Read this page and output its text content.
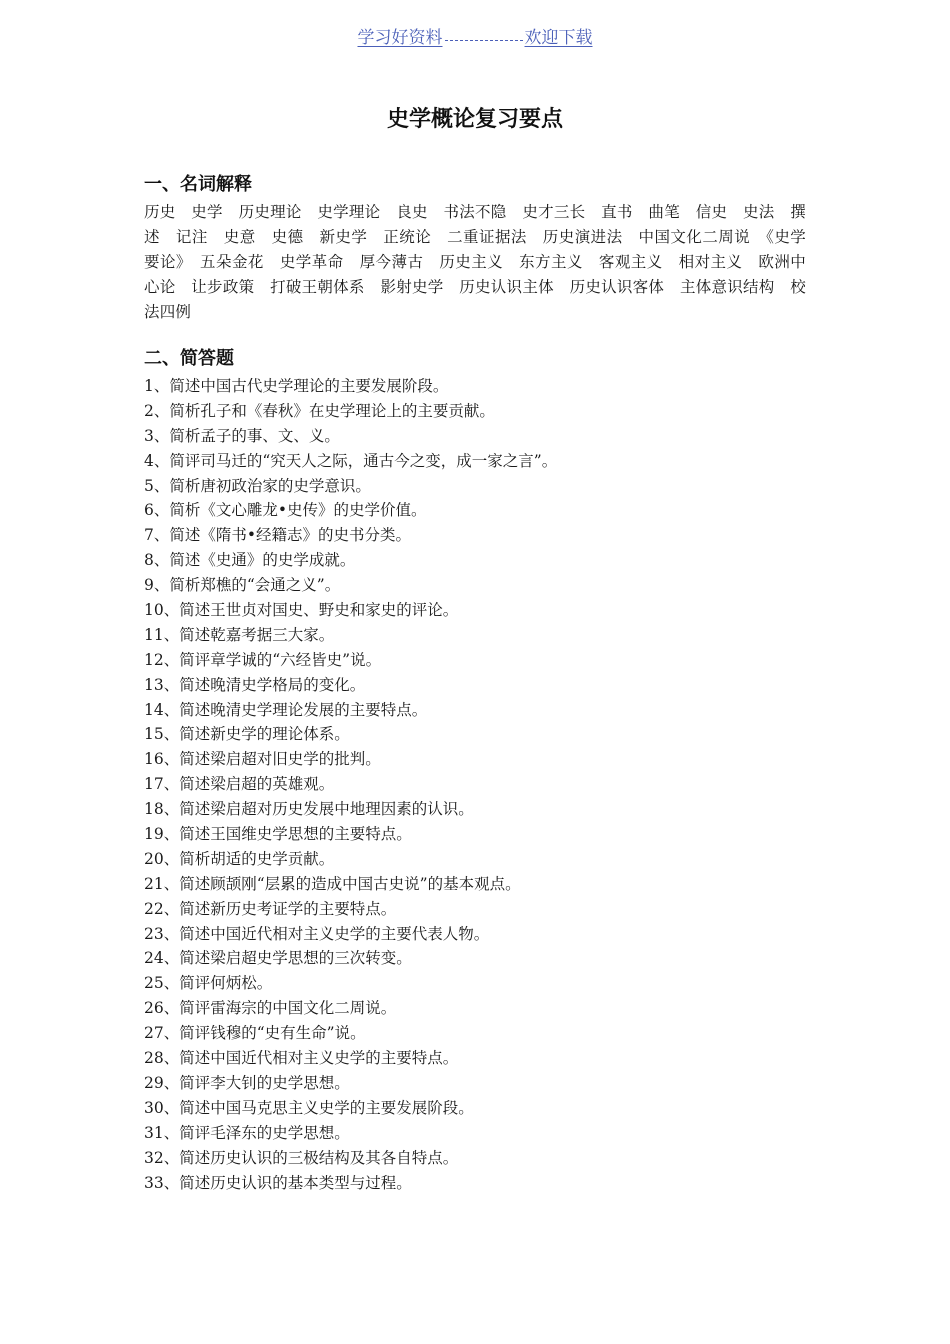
学习好资料	欢迎下载
史学概论复习要点
一、名词解释

历史　史学　历史理论　史学理论　良史　书法不隐　史才三长　直书　曲笔　信史　史法　撰述　记注　史意　史德　新史学　正统论　二重证据法　历史演进法　中国文化二周说　《史学要论》　五朵金花　史学革命　厚今薄古　历史主义　东方主义　客观主义　相对主义　欧洲中心论　让步政策　打破王朝体系　影射史学　历史认识主体　历史认识客体　主体意识结构　校法四例

二、简答题
1、简述中国古代史学理论的主要发展阶段。
2、简析孔子和《春秋》在史学理论上的主要贡献。
3、简析孟子的事、文、义。
4、简评司马迁的“究天人之际，通古今之变，成一家之言”。
5、简析唐初政治家的史学意识。
6、简析《文心雕龙•史传》的史学价值。
7、简述《隋书•经籍志》的史书分类。
8、简述《史通》的史学成就。
9、简析郑樵的“会通之义”。
10、简述王世贞对国史、野史和家史的评论。
11、简述乾嘉考据三大家。
12、简评章学诚的“六经皆史”说。
13、简述晚清史学格局的变化。
14、简述晚清史学理论发展的主要特点。
15、简述新史学的理论体系。
16、简述梁启超对旧史学的批判。
17、简述梁启超的英雄观。
18、简述梁启超对历史发展中地理因素的认识。
19、简述王国维史学思想的主要特点。
20、简析胡适的史学贡献。
21、简述顾颉刚“层累的造成中国古史说”的基本观点。
22、简述新历史考证学的主要特点。
23、简述中国近代相对主义史学的主要代表人物。
24、简述梁启超史学思想的三次转变。
25、简评何炳松。
26、简评雷海宗的中国文化二周说。
27、简评钱穆的“史有生命”说。
28、简述中国近代相对主义史学的主要特点。
29、简评李大钊的史学思想。
30、简述中国马克思主义史学的主要发展阶段。
31、简评毛泽东的史学思想。
32、简述历史认识的三极结构及其各自特点。
33、简述历史认识的基本类型与过程。
